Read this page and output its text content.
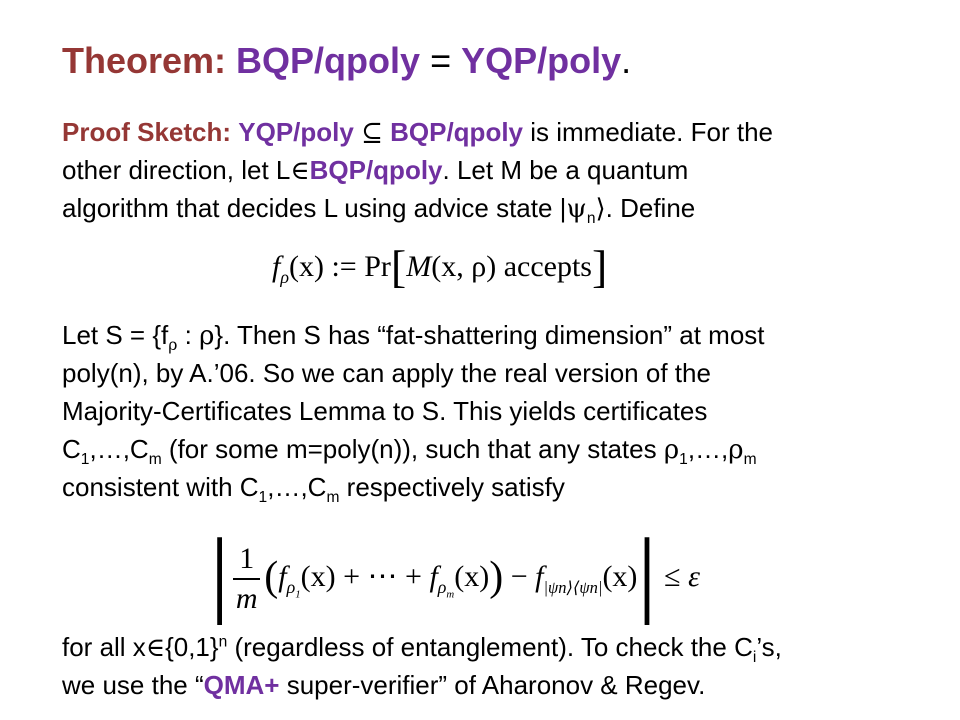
Theorem: BQP/qpoly = YQP/poly.
Proof Sketch: YQP/poly ⊆ BQP/qpoly is immediate. For the
other direction, let L∈BQP/qpoly. Let M be a quantum
algorithm that decides L using advice state $|\psi_n⟩$. Define
$f_\rho(x)$ := Pr[M(x, ρ) accepts]
Let $S = \{f_\rho$ : ρ}. Then S has “fat-shattering dimension” at most
poly(n), by A.’06. So we can apply the real version of the
Majority-Certificates Lemma to S. This yields certificates
$C_1,\dots,C_m$ (for some m=poly(n)), such that any states $\rho_1,\dots,\rho_m$
consistent with $C_1,\dots,C_m$ respectively satisfy
| $\frac{1}{m} (f_{\rho_1}(x)$ + ⋯ + $f_{\rho_m}(x)) - f_{|\psi n⟩⟨\psi n|}(x)| \le \varepsilon$
for all $x\in\{0,1\}^n$ (regardless of entanglement). To check the $C_i’s$,
we use the “QMA+ super-verifier” of Aharonov & Regev.
